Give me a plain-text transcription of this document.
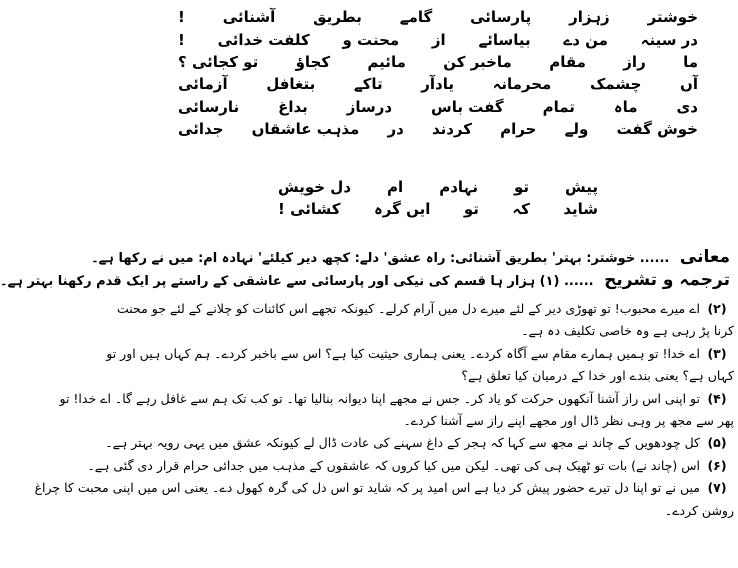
خوشتر
زہزار
پارسائی
گامے
بطریق
آشنائی
!
در سینہ
من دے
بیاسائے
از
محنت و
کلفت خدائی
!
ما
راز
مقام
ماخبر کن
مائیم
کجاؤ
تو کجائی ؟
آں
چشمک
محرمانہ
یادآر
تاکے
بتغافل
آزمائی
دی
ماہ
تمام
گفت باس
درساز
بداغ
نارسائی
خوش گفت
ولے
حرام
کردند
در
مذہب عاشقاں
جدائی
پیش
تو
نہادم
ام
دل خویش
شاید
کہ
تو
ایں گرہ
کشائی !
معانی ...... خوشتر: بہتر' بطریق آشنائی: راہ عشق' دلے: کچھ دیر کیلئے' نہادہ ام: میں نے رکھا ہے۔
ترجمہ و تشریح ...... (۱) ہزار ہا قسم کی نیکی اور پارسائی سے عاشقی کے راستے پر ایک قدم رکھنا بہتر ہے۔
(۲)
اے میرے محبوب! تو تھوڑی دیر کے لئے میرے دل میں آرام کرلے۔ کیونکہ تجھے اس کائنات کو چلانے کے لئے جو محنت
کرنا پڑ رہی ہے وہ خاصی تکلیف دہ ہے۔
(۳)
اے خدا! تو ہمیں ہمارے مقام سے آگاہ کردے۔ یعنی ہماری حیثیت کیا ہے؟ اس سے باخبر کردے۔ ہم کہاں ہیں اور تو
کہاں ہے؟ یعنی بندے اور خدا کے درمیان کیا تعلق ہے؟
(۴)
تو اپنی اس راز آشنا آنکھوں حرکت کو یاد کر۔ جس نے مجھے اپنا دیوانہ بنالیا تھا۔ تو کب تک ہم سے غافل رہے گا۔ اے خدا! تو
پھر سے مجھ پر وہی نظر ڈال اور مجھے اپنے راز سے آشنا کردے۔
(۵)
کل چودھویں کے چاند نے مجھ سے کہا کہ ہجر کے داغ سہنے کی عادت ڈال لے کیونکہ عشق میں یہی رویہ بہتر ہے۔
(۶)
اس (چاند نے) بات تو ٹھیک ہی کی تھی۔ لیکن میں کیا کروں کہ عاشقوں کے مذہب میں جدائی حرام قرار دی گئی ہے۔
(۷)
میں نے تو اپنا دل تیرے حضور پیش کر دیا ہے اس امید پر کہ شاید تو اس دل کی گرہ کھول دے۔ یعنی اس میں اپنی محبت کا چراغ
روشن کردے۔
